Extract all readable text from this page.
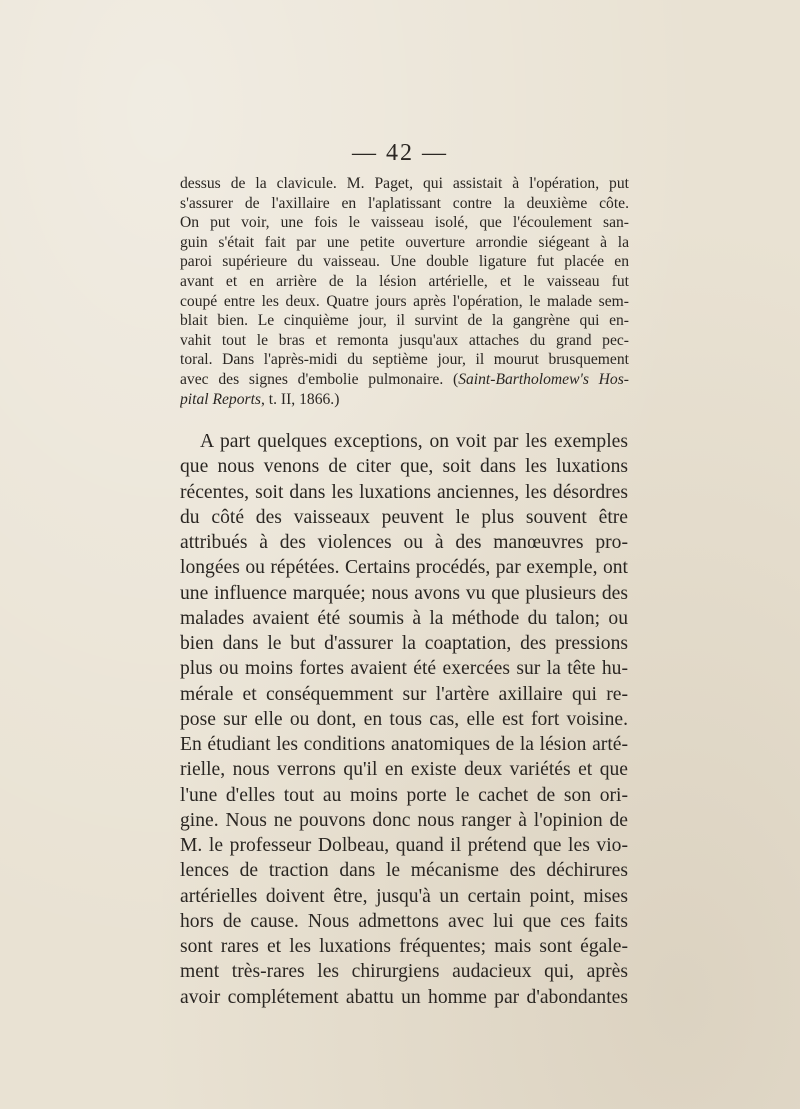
— 42 —
dessus de la clavicule. M. Paget, qui assistait à l'opération, put
s'assurer de l'axillaire en l'aplatissant contre la deuxième côte.
On put voir, une fois le vaisseau isolé, que l'écoulement san-
guin s'était fait par une petite ouverture arrondie siégeant à la
paroi supérieure du vaisseau. Une double ligature fut placée en
avant et en arrière de la lésion artérielle, et le vaisseau fut
coupé entre les deux. Quatre jours après l'opération, le malade sem-
blait bien. Le cinquième jour, il survint de la gangrène qui en-
vahit tout le bras et remonta jusqu'aux attaches du grand pec-
toral. Dans l'après-midi du septième jour, il mourut brusquement
avec des signes d'embolie pulmonaire. (Saint-Bartholomew's Hos-
pital Reports, t. II, 1866.)
A part quelques exceptions, on voit par les exemples
que nous venons de citer que, soit dans les luxations
récentes, soit dans les luxations anciennes, les désordres
du côté des vaisseaux peuvent le plus souvent être
attribués à des violences ou à des manœuvres pro-
longées ou répétées. Certains procédés, par exemple, ont
une influence marquée; nous avons vu que plusieurs des
malades avaient été soumis à la méthode du talon; ou
bien dans le but d'assurer la coaptation, des pressions
plus ou moins fortes avaient été exercées sur la tête hu-
mérale et conséquemment sur l'artère axillaire qui re-
pose sur elle ou dont, en tous cas, elle est fort voisine.
En étudiant les conditions anatomiques de la lésion arté-
rielle, nous verrons qu'il en existe deux variétés et que
l'une d'elles tout au moins porte le cachet de son ori-
gine. Nous ne pouvons donc nous ranger à l'opinion de
M. le professeur Dolbeau, quand il prétend que les vio-
lences de traction dans le mécanisme des déchirures
artérielles doivent être, jusqu'à un certain point, mises
hors de cause. Nous admettons avec lui que ces faits
sont rares et les luxations fréquentes; mais sont égale-
ment très-rares les chirurgiens audacieux qui, après
avoir complétement abattu un homme par d'abondantes
